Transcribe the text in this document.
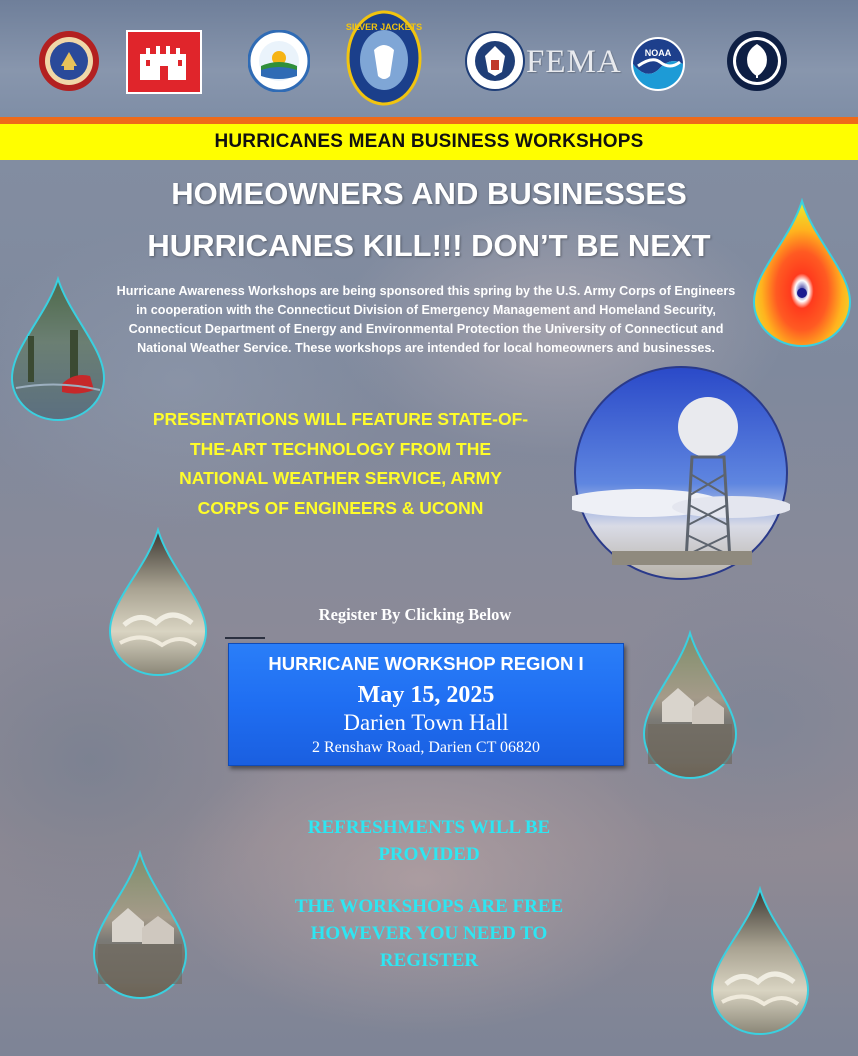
SILVER JACKETS
FEMA	NOAA
HURRICANES MEAN BUSINESS WORKSHOPS
HOMEOWNERS AND BUSINESSES
HURRICANES KILL!!! DON’T BE NEXT
Hurricane Awareness Workshops are being sponsored this spring by the U.S. Army Corps of Engineers
in cooperation with the Connecticut Division of Emergency Management and Homeland Security,
Connecticut Department of Energy and Environmental Protection the University of Connecticut and
National Weather Service. These workshops are intended for local homeowners and businesses.
PRESENTATIONS WILL FEATURE STATE-OF-
THE-ART TECHNOLOGY FROM THE
NATIONAL WEATHER SERVICE, ARMY
CORPS OF ENGINEERS & UCONN
Register By Clicking Below
HURRICANE WORKSHOP REGION I
May 15, 2025
Darien Town Hall
2 Renshaw Road, Darien CT 06820
REFRESHMENTS WILL BE
PROVIDED
THE WORKSHOPS ARE FREE
HOWEVER YOU NEED TO
REGISTER
